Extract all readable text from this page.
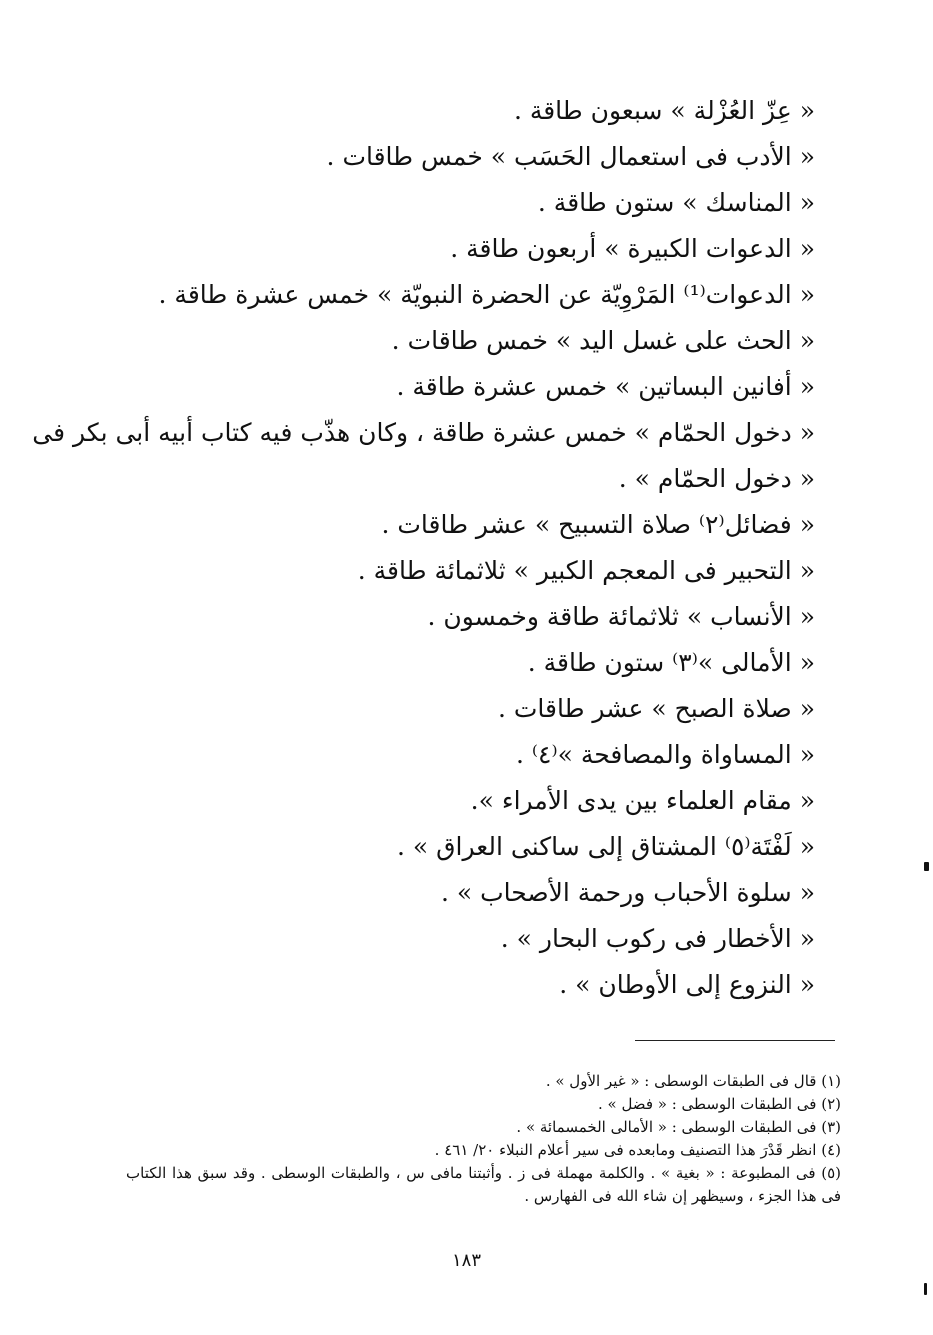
« عِزّ العُزْلة » سبعون طاقة .
« الأدب فى استعمال الحَسَب » خمس طاقات .
« المناسك » ستون طاقة .
« الدعوات الكبيرة » أربعون طاقة .
« الدعوات⁽¹⁾ المَرْوِيّة عن الحضرة النبويّة » خمس عشرة طاقة .
« الحث على غسل اليد » خمس طاقات .
« أفانين البساتين » خمس عشرة طاقة .
« دخول الحمّام » خمس عشرة طاقة ، وكان هذّب فيه كتاب أبيه أبى بكر فى
« دخول الحمّام » .
« فضائل⁽٢⁾ صلاة التسبيح » عشر طاقات .
« التحبير فى المعجم الكبير » ثلاثمائة طاقة .
« الأنساب » ثلاثمائة طاقة وخمسون .
« الأمالى »⁽٣⁾ ستون طاقة .
« صلاة الصبح » عشر طاقات .
« المساواة والمصافحة »⁽٤⁾ .
« مقام العلماء بين يدى الأمراء ».
« لَفْتَة⁽٥⁾ المشتاق إلى ساكنى العراق » .
« سلوة الأحباب ورحمة الأصحاب » .
« الأخطار فى ركوب البحار » .
« النزوع إلى الأوطان » .
(١) قال فى الطبقات الوسطى : « غير الأول » .
(٢) فى الطبقات الوسطى : « فضل » .
(٣) فى الطبقات الوسطى : « الأمالى الخمسمائة » .
(٤) انظر قَدْرَ هذا التصنيف ومابعده فى سير أعلام النبلاء ٢٠/ ٤٦١ .
(٥) فى المطبوعة : « بغية » . والكلمة مهملة فى ز . وأثبتنا مافى س ، والطبقات الوسطى . وقد سبق هذا الكتاب فى هذا الجزء ، وسيظهر إن شاء الله فى الفهارس .
١٨٣
